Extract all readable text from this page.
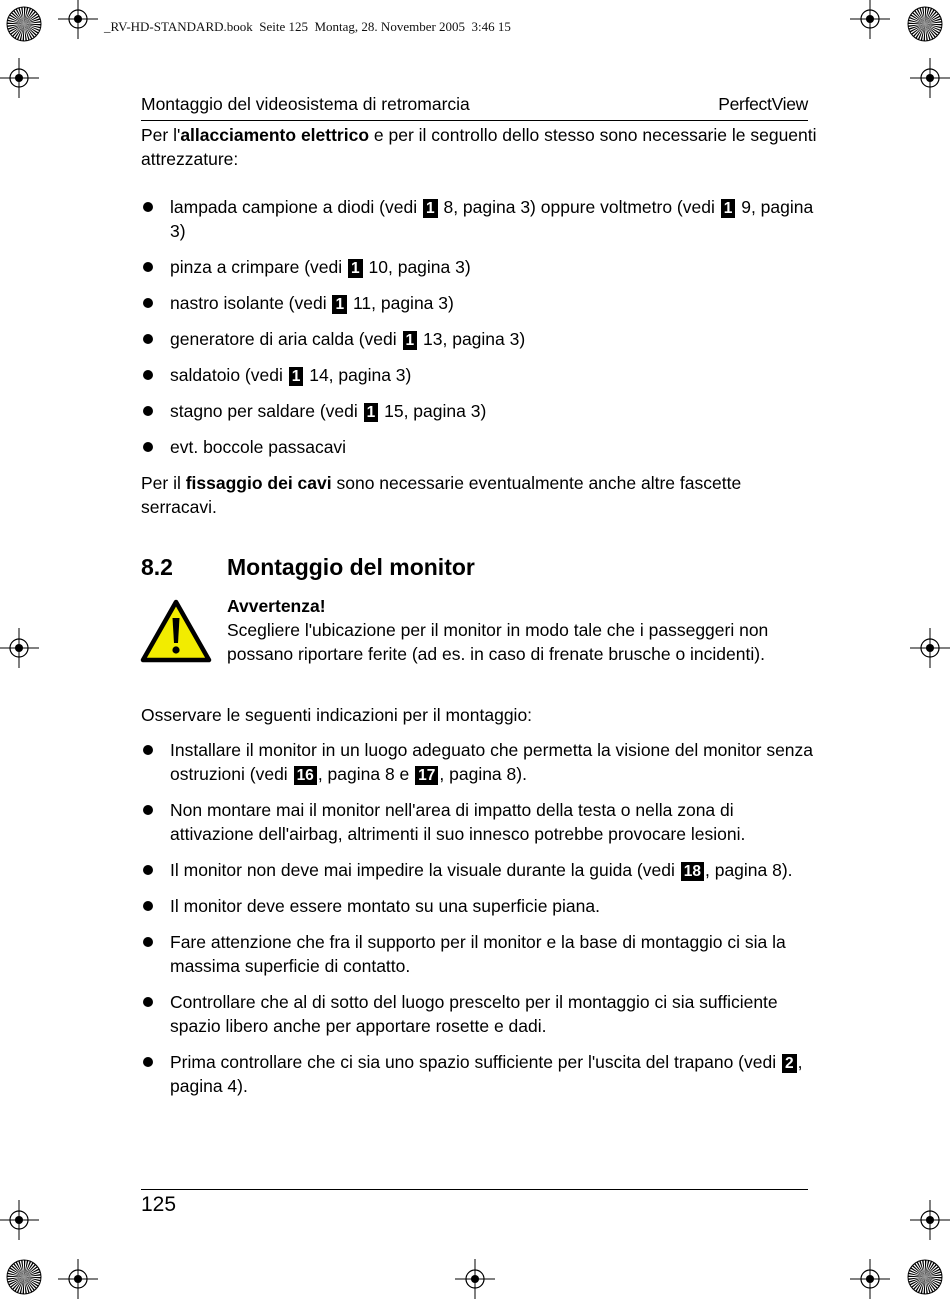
_RV-HD-STANDARD.book  Seite 125  Montag, 28. November 2005  3:46 15
Montaggio del videosistema di retromarcia	PerfectView

Per l'allacciamento elettrico e per il controllo dello stesso sono necessarie le seguenti attrezzature:

lampada campione a diodi (vedi 1 8, pagina 3) oppure voltmetro (vedi 1 9, pagina 3)
pinza a crimpare (vedi 1 10, pagina 3)
nastro isolante (vedi 1 11, pagina 3)
generatore di aria calda (vedi 1 13, pagina 3)
saldatoio (vedi 1 14, pagina 3)
stagno per saldare (vedi 1 15, pagina 3)
evt. boccole passacavi

Per il fissaggio dei cavi sono necessarie eventualmente anche altre fascette serracavi.

8.2 Montaggio del monitor
Avvertenza!
Scegliere l'ubicazione per il monitor in modo tale che i passeggeri non possano riportare ferite (ad es. in caso di frenate brusche o incidenti).

Osservare le seguenti indicazioni per il montaggio:

Installare il monitor in un luogo adeguato che permetta la visione del monitor senza ostruzioni (vedi 16 , pagina 8 e 17 , pagina 8).
Non montare mai il monitor nell'area di impatto della testa o nella zona di attivazione dell'airbag, altrimenti il suo innesco potrebbe provocare lesioni.
Il monitor non deve mai impedire la visuale durante la guida (vedi 18 , pagina 8).
Il monitor deve essere montato su una superficie piana.
Fare attenzione che fra il supporto per il monitor e la base di montaggio ci sia la massima superficie di contatto.
Controllare che al di sotto del luogo prescelto per il montaggio ci sia sufficiente spazio libero anche per apportare rosette e dadi.
Prima controllare che ci sia uno spazio sufficiente per l'uscita del trapano (vedi 2 , pagina 4).
125
